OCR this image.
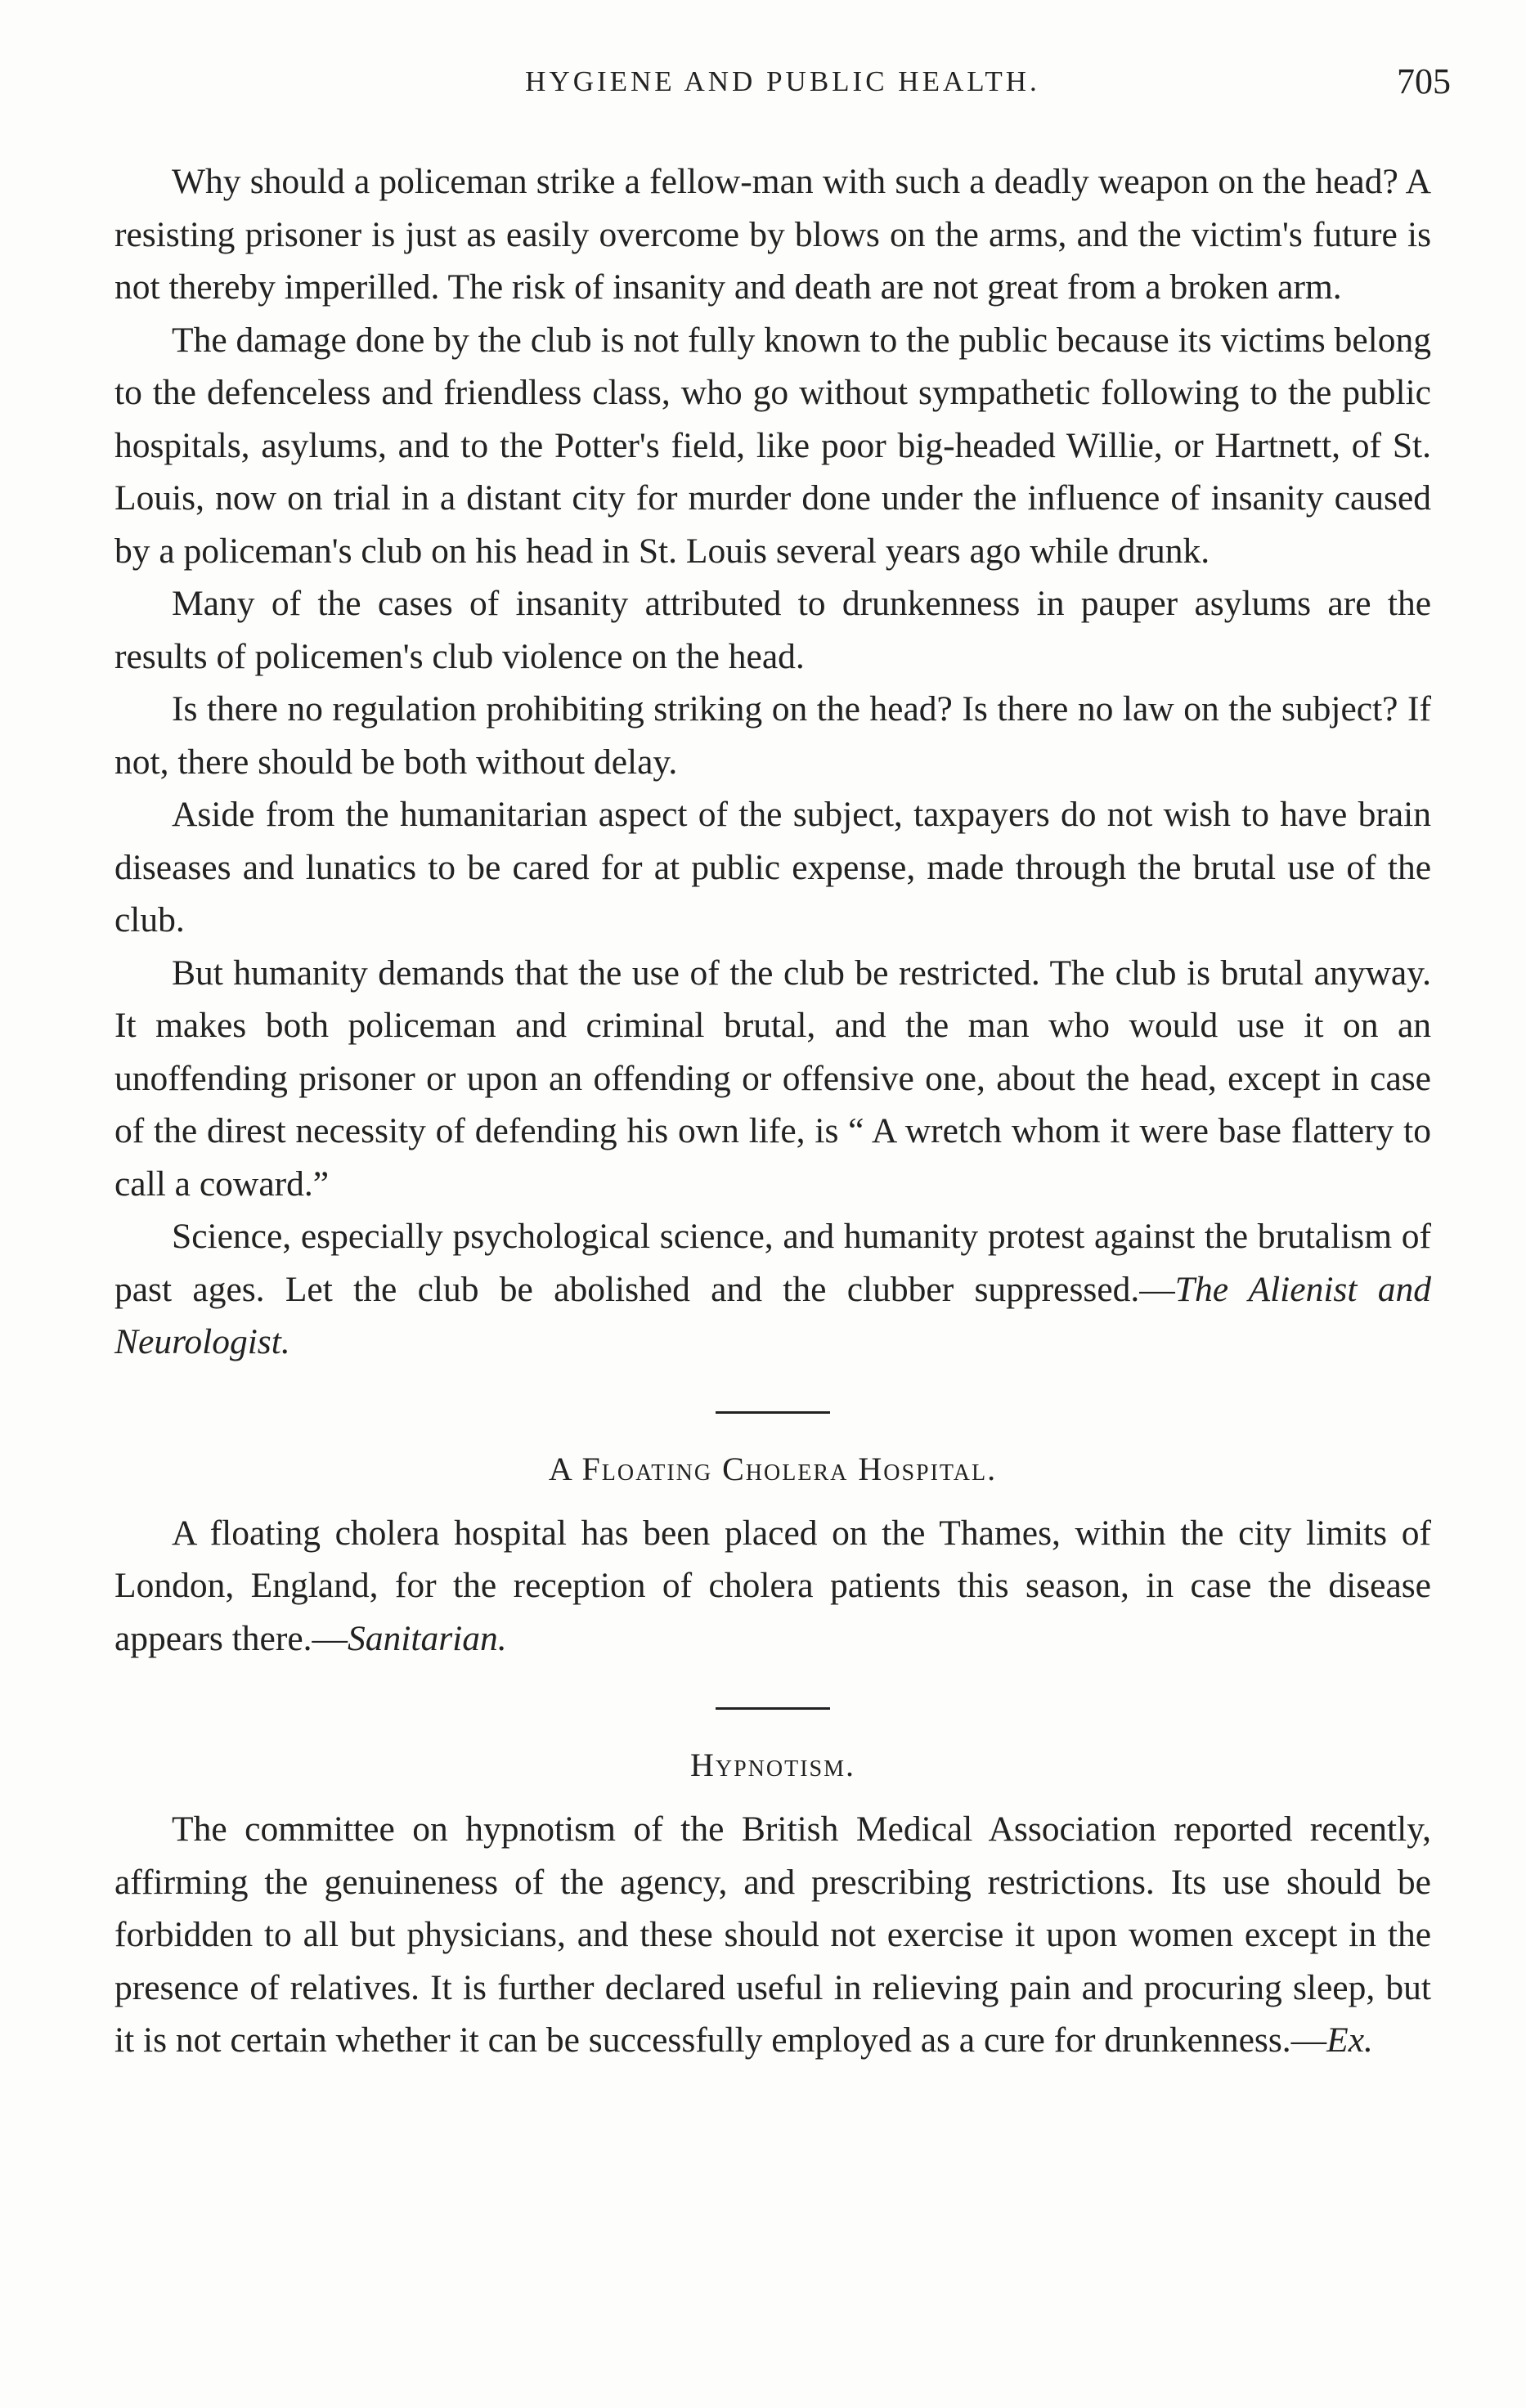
HYGIENE AND PUBLIC HEALTH.	705

Why should a policeman strike a fellow-man with such a deadly weapon on the head? A resisting prisoner is just as easily overcome by blows on the arms, and the victim's future is not thereby imperilled. The risk of insanity and death are not great from a broken arm.

The damage done by the club is not fully known to the public because its victims belong to the defenceless and friendless class, who go without sympathetic following to the public hospitals, asylums, and to the Potter's field, like poor big-headed Willie, or Hartnett, of St. Louis, now on trial in a distant city for murder done under the influence of insanity caused by a policeman's club on his head in St. Louis several years ago while drunk.

Many of the cases of insanity attributed to drunkenness in pauper asylums are the results of policemen's club violence on the head.

Is there no regulation prohibiting striking on the head? Is there no law on the subject? If not, there should be both without delay.

Aside from the humanitarian aspect of the subject, taxpayers do not wish to have brain diseases and lunatics to be cared for at public expense, made through the brutal use of the club.

But humanity demands that the use of the club be restricted. The club is brutal anyway. It makes both policeman and criminal brutal, and the man who would use it on an unoffending prisoner or upon an offending or offensive one, about the head, except in case of the direst necessity of defending his own life, is “ A wretch whom it were base flattery to call a coward.”

Science, especially psychological science, and humanity protest against the brutalism of past ages. Let the club be abolished and the clubber suppressed.—The Alienist and Neurologist.

A Floating Cholera Hospital.

A floating cholera hospital has been placed on the Thames, within the city limits of London, England, for the reception of cholera patients this season, in case the disease appears there.—Sanitarian.

Hypnotism.

The committee on hypnotism of the British Medical Association reported recently, affirming the genuineness of the agency, and prescribing restrictions. Its use should be forbidden to all but physicians, and these should not exercise it upon women except in the presence of relatives. It is further declared useful in relieving pain and procuring sleep, but it is not certain whether it can be successfully employed as a cure for drunkenness.—Ex.
